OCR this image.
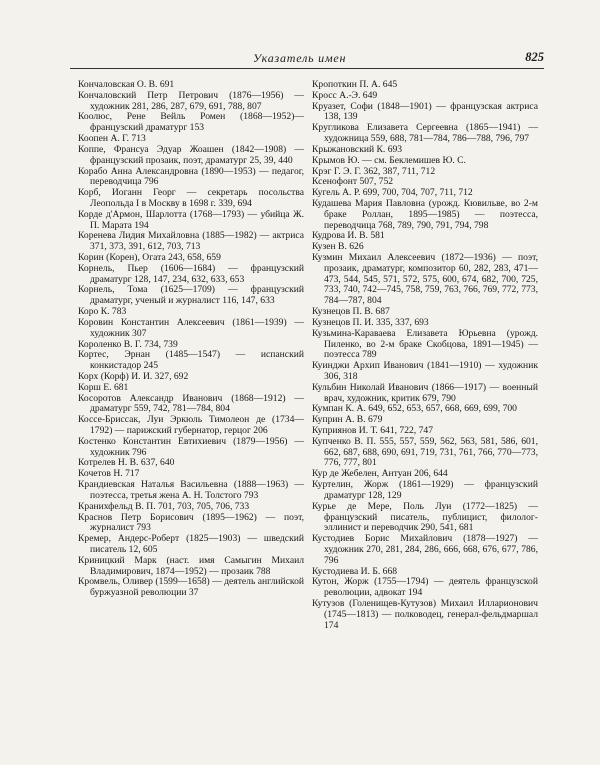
Указатель имен	825
Кончаловская О. В. 691
Кончаловский Петр Петрович (1876—1956) — художник 281, 286, 287, 679, 691, 788, 807
Коолюс, Рене Вейль Ромен (1868—1952)— французский драматург 153
Коопен А. Г. 713
Коппе, Франсуа Эдуар Жоашен (1842—1908) — французский прозаик, поэт, драматург 25, 39, 440
Корабо Анна Александровна (1890—1953) — педагог, переводчица 796
Корб, Иоганн Георг — секретарь посольства Леопольда I в Москву в 1698 г. 339, 694
Корде д'Армон, Шарлотта (1768—1793) — убийца Ж. П. Марата 194
Коренева Лидия Михайловна (1885—1982) — актриса 371, 373, 391, 612, 703, 713
Корин (Корен), Огата 243, 658, 659
Корнель, Пьер (1606—1684) — французский драматург 128, 147, 234, 632, 633, 653
Корнель, Тома (1625—1709) — французский драматург, ученый и журналист 116, 147, 633
Коро К. 783
Коровин Константин Алексеевич (1861—1939) — художник 307
Короленко В. Г. 734, 739
Кортес, Эрнан (1485—1547) — испанский конкистадор 245
Корх (Корф) И. И. 327, 692
Корш Е. 681
Косоротов Александр Иванович (1868—1912) — драматург 559, 742, 781—784, 804
Коссе-Бриссак, Луи Эркюль Тимолеон де (1734—1792) — парижский губернатор, герцог 206
Костенко Константин Евтихиевич (1879—1956) — художник 796
Котрелев Н. В. 637, 640
Кочетов Н. 717
Крандиевская Наталья Васильевна (1888—1963) — поэтесса, третья жена А. Н. Толстого 793
Кранихфельд В. П. 701, 703, 705, 706, 733
Краснов Петр Борисович (1895—1962) — поэт, журналист 793
Кремер, Андерс-Роберт (1825—1903) — шведский писатель 12, 605
Криницкий Марк (наст. имя Самыгин Михаил Владимирович, 1874—1952) — прозаик 788
Кромвель, Оливер (1599—1658) — деятель английской буржуазной революции 37
Кропоткин П. А. 645
Кросс А.-Э. 649
Круазет, Софи (1848—1901) — французская актриса 138, 139
Кругликова Елизавета Сергеевна (1865—1941) — художница 559, 688, 781—784, 786—788, 796, 797
Крыжановский К. 693
Крымов Ю. — см. Беклемишев Ю. С.
Крэг Г. Э. Г. 362, 387, 711, 712
Ксенофонт 507, 752
Кугель А. Р. 699, 700, 704, 707, 711, 712
Кудашева Мария Павловна (урожд. Кювильве, во 2-м браке Роллан, 1895—1985) — поэтесса, переводчица 768, 789, 790, 791, 794, 798
Кудрова И. В. 581
Кузен В. 626
Кузмин Михаил Алексеевич (1872—1936) — поэт, прозаик, драматург, композитор 60, 282, 283, 471—473, 544, 545, 571, 572, 575, 600, 674, 682, 700, 725, 733, 740, 742—745, 758, 759, 763, 766, 769, 772, 773, 784—787, 804
Кузнецов П. В. 687
Кузнецов П. И. 335, 337, 693
Кузьмина-Караваева Елизавета Юрьевна (урожд. Пиленко, во 2-м браке Скобцова, 1891—1945) — поэтесса 789
Куинджи Архип Иванович (1841—1910) — художник 306, 318
Кульбин Николай Иванович (1866—1917) — военный врач, художник, критик 679, 790
Кумпан К. А. 649, 652, 653, 657, 668, 669, 699, 700
Куприн А. В. 679
Куприянов И. Т. 641, 722, 747
Купченко В. П. 555, 557, 559, 562, 563, 581, 586, 601, 662, 687, 688, 690, 691, 719, 731, 761, 766, 770—773, 776, 777, 801
Кур де Жебелен, Антуан 206, 644
Куртелин, Жорж (1861—1929) — французский драматург 128, 129
Курье де Мере, Поль Луи (1772—1825) — французский писатель, публицист, филолог-эллинист и переводчик 290, 541, 681
Кустодиев Борис Михайлович (1878—1927) — художник 270, 281, 284, 286, 666, 668, 676, 677, 786, 796
Кустодиева И. Б. 668
Кутон, Жорж (1755—1794) — деятель французской революции, адвокат 194
Кутузов (Голенищев-Кутузов) Михаил Илларионович (1745—1813) — полководец, генерал-фельдмаршал 174
